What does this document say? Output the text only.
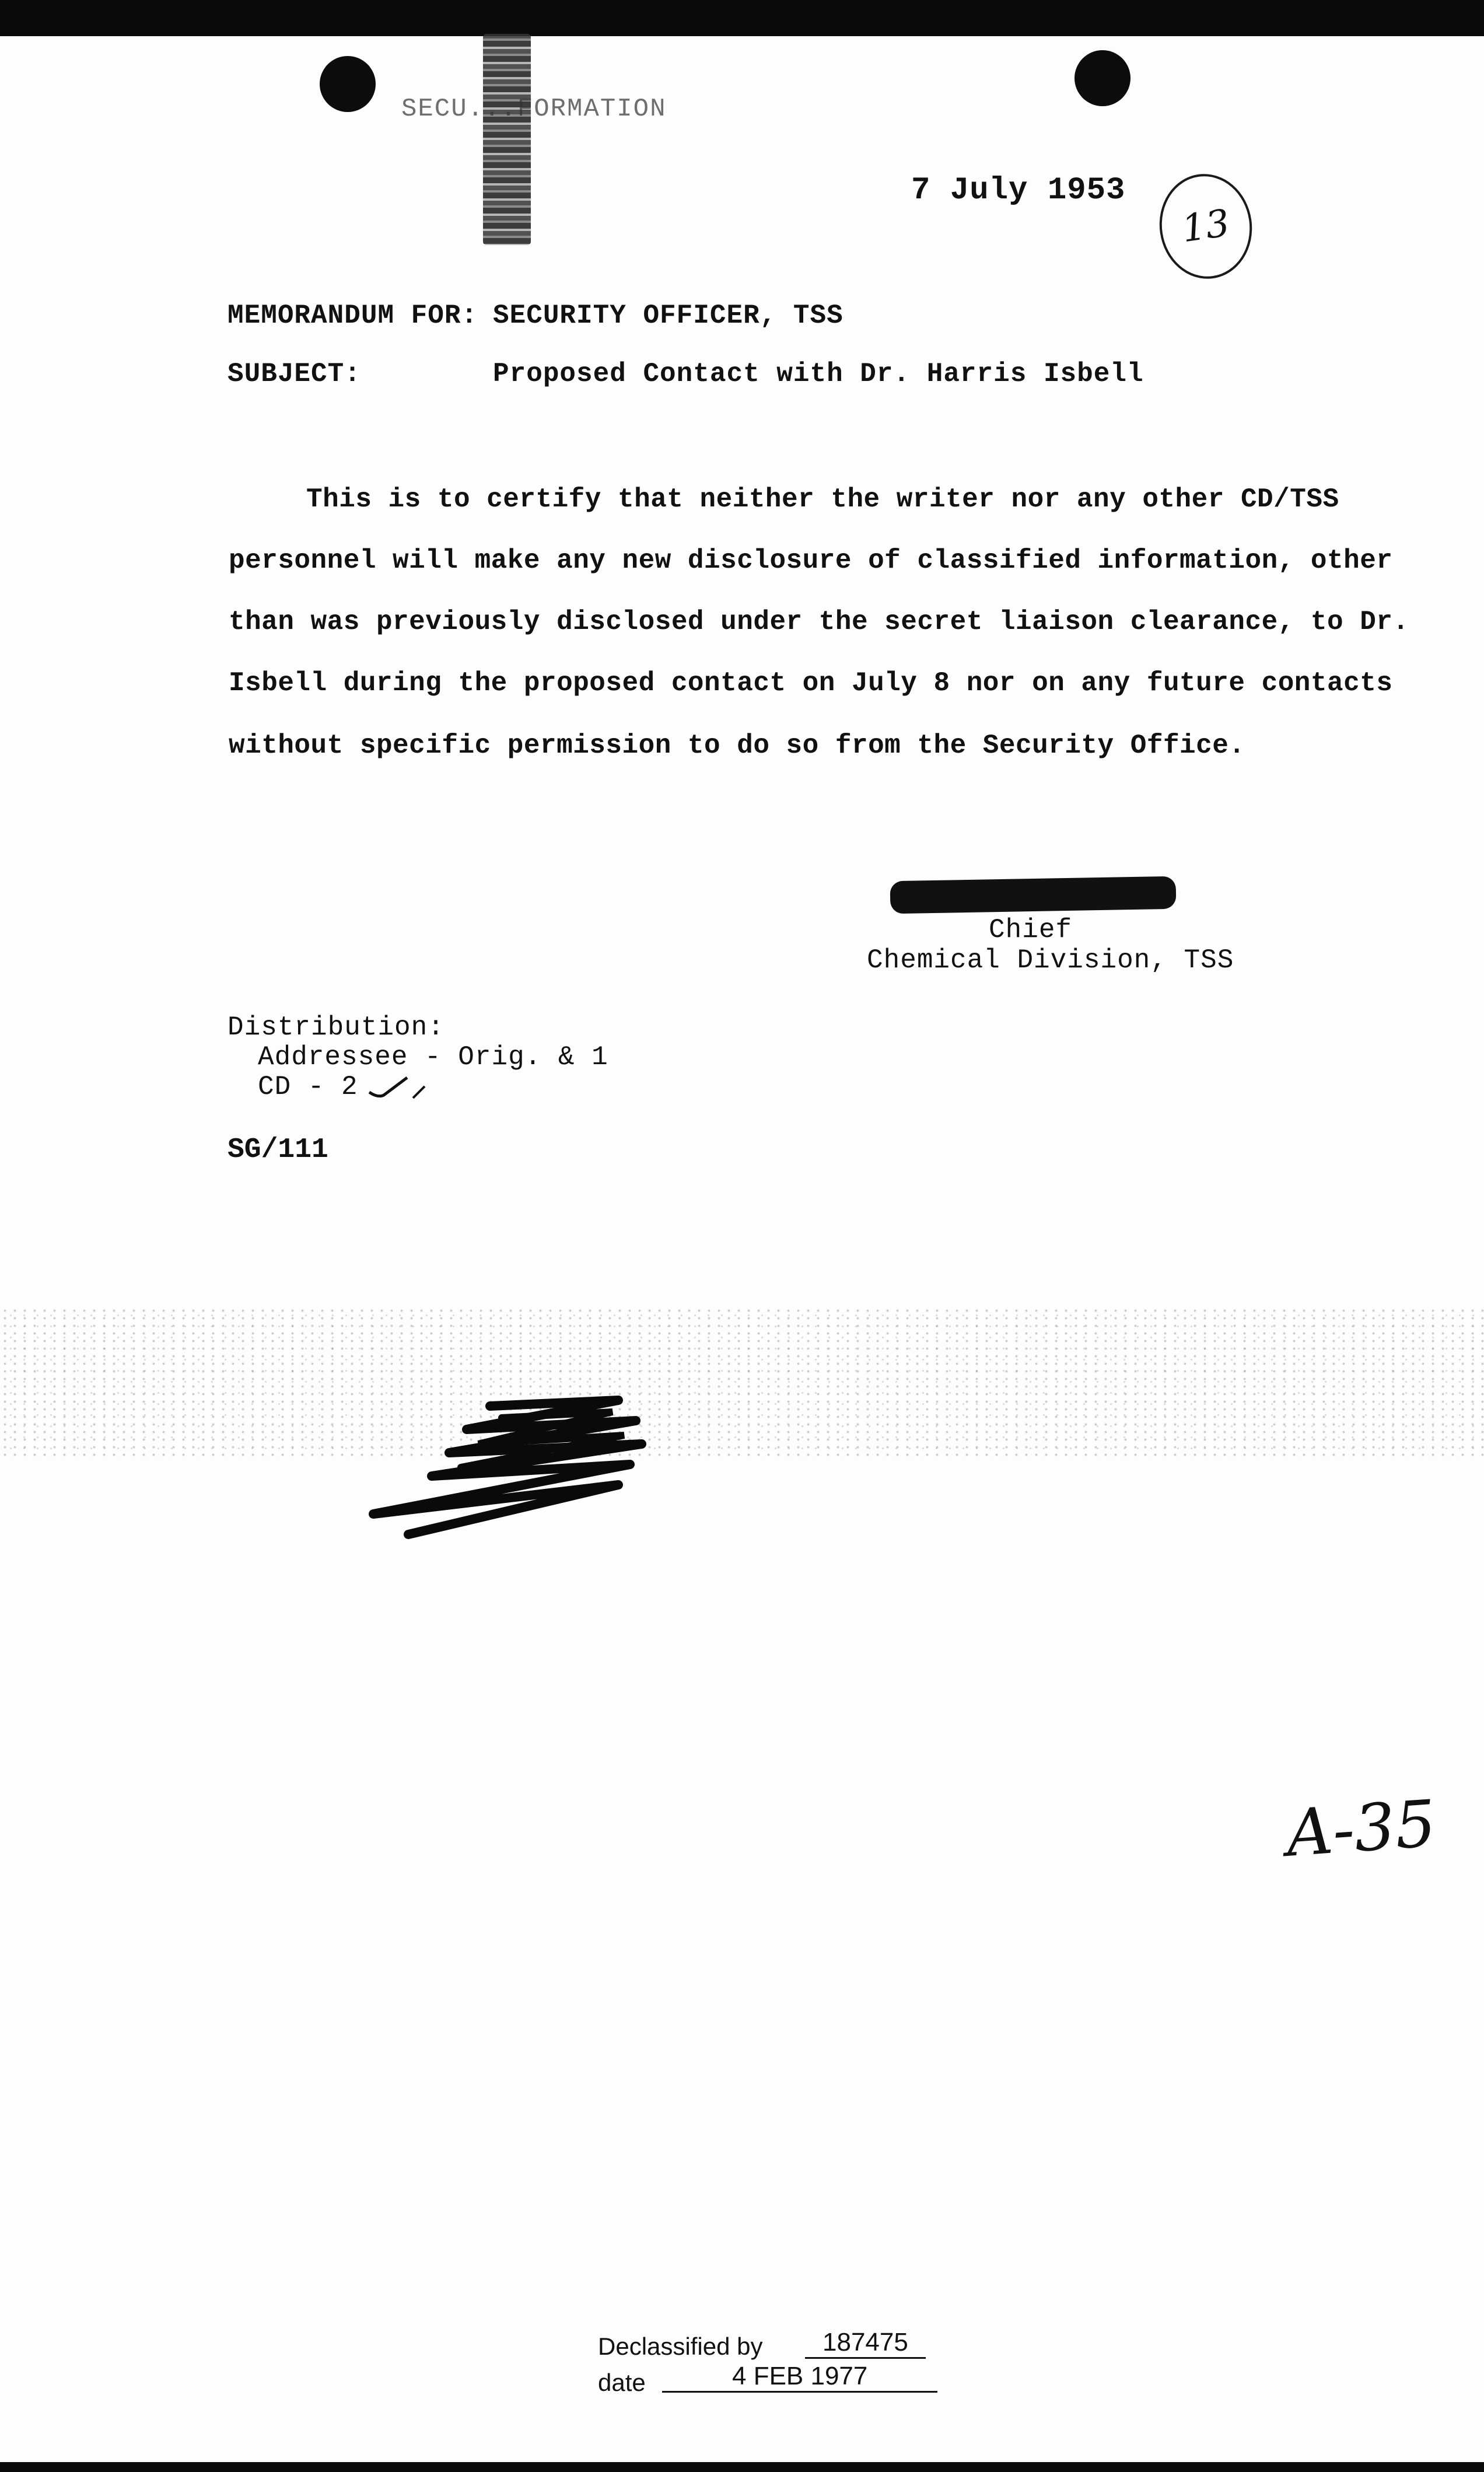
SECU...FORMATION
7 July 1953
13
MEMORANDUM FOR: SECURITY OFFICER, TSS
SUBJECT:	Proposed Contact with Dr. Harris Isbell
This is to certify that neither the writer nor any other CD/TSS
personnel will make any new disclosure of classified information, other
than was previously disclosed under the secret liaison clearance, to Dr.
Isbell during the proposed contact on July 8 nor on any future contacts
without specific permission to do so from the Security Office.
Chief
Chemical Division, TSS
Distribution:
Addressee - Orig. & 1
CD - 2
SG/111
A-35
Declassified by	187475
date	4 FEB 1977
